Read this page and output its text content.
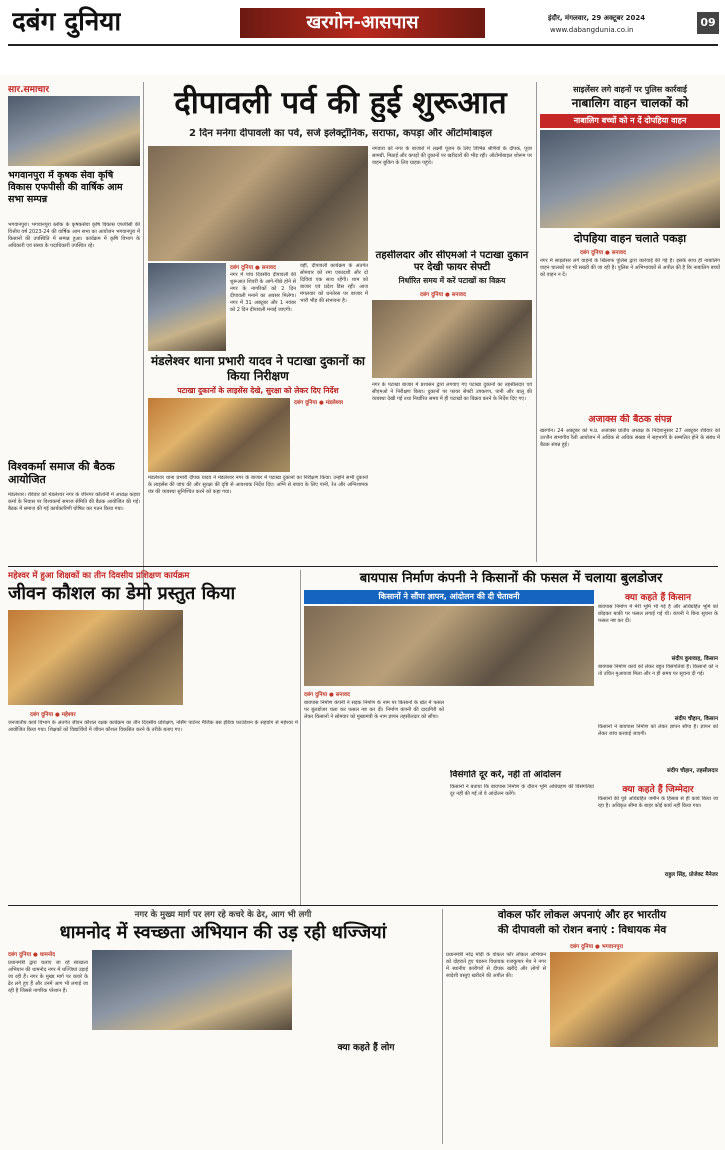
दबंग दुनिया	खरगोन-आसपास	इंदौर, मंगलवार, 29 अक्टूबर 2024
www.dabangdunia.co.in
09
सार.समाचार
भगवानपुरा में कृषक सेवा कृषि विकास एफपीसी की वार्षिक आम सभा सम्पन्न
भगवानपुरा। भगवानपुरा ब्लॉक के कृषकसेवा कृषि विकास एफपीसी की वित्तीय वर्ष 2023-24 की वार्षिक आम सभा का आयोजन भगवानपुरा में किसानों की उपस्थिति में सम्पन्न हुआ। कार्यक्रम में कृषि विभाग के अधिकारी एवं संस्था के पदाधिकारी उपस्थित रहे।
विश्वकर्मा समाज की बैठक आयोजित
मंडलेश्वर। रविवार को मंडलेश्वर नगर के जीनगर कॉलोनी में अध्यक्ष कड़वा कर्मा के निवास पर विश्वकर्मा समाज सेमिति की बैठक आयोजित की गई। बैठक में समाज की गई कार्यकारिणी घोषित कर गठन किया गया।
दीपावली पर्व की हुई शुरूआत
2 दिन मनेगा दीपावली का पर्व, सजे इलेक्ट्रॉनिक, सराफा, कपड़ा और ऑटोमोबाइल
दबंग दुनिया ● सनावद
नगर में पांच दिवसीय दीपावली की शुरूआत शिवरीं के आगे-पीछे होने से नगर के नागरिकों को 2 दिन दीपावली मनाने का अवसर मिलेगा। नगर में 31 अक्टूबर और 1 नवंबर को 2 दिन दीपावली मनाई जाएगी।
वहीं, दीपावली कार्यक्रम के अंतर्गत सोमवार को रमा एकादशी और दो दिवियां एक साथ रहेंगी। शाम को बाजार एवं प्रदेश डिस रही। आज मंगलवार को धनतेरस पर बाजार में भारी भीड़ की संभावना है।
नगवारा को नगर के बाजारों में लक्ष्मी पूजन के लिए विभिन्न श्रेणियों के दीपक, पूजा सामग्री, मिठाई और कपड़ों की दुकानों पर खरीदारों की भीड़ रही। ऑटोमोबाइल शोरूम पर वाहन बुकिंग के लिए ग्राहक पहुंचे।
मंडलेश्वर थाना प्रभारी यादव ने पटाखा दुकानों का किया निरीक्षण
पटाखा दुकानों के लाइसेंस देखे, सुरक्षा को लेकर दिए निर्देश
दबंग दुनिया ● मंडलेश्वर
मंडलेश्वर थाना प्रभारी दीपक यादव ने मंडलेश्वर नगर के बाजार में पटाखा दुकानों का निरीक्षण किया। उन्होंने सभी दुकानों के लाइसेंस की जांच की और सुरक्षा की दृष्टि से आवश्यक निर्देश दिए। अग्नि से बचाव के लिए पानी, रेत और अग्निशामक यंत्र की व्यवस्था सुनिश्चित करने को कहा गया।
तहसीलदार और सीएमओ ने पटाखा दुकान पर देखी फायर सेफ्टी
निर्धारित समय में करें पटाखों का विक्रय
दबंग दुनिया ● सनावद
नगर के पटाखा बाजार में प्रशासन द्वारा लगवाए गए पटाखा दुकानों का तहसीलदार एवं सीएमओ ने निरीक्षण किया। दुकानों पर फायर सेफ्टी उपकरण, पानी और बालू की व्यवस्था देखी गई तथा निर्धारित समय में ही पटाखों का विक्रय करने के निर्देश दिए गए।
साइलेंसर लगे वाहनों पर पुलिस कार्रवाई
नाबालिग वाहन चालकों को
नाबालिग बच्चों को न दें दोपहिया वाहन
दोपहिया वाहन चलाते पकड़ा
दबंग दुनिया ● सनावद
नगर में साइलेंसर लगे वाहनों के खिलाफ पुलिस द्वारा कार्रवाई की गई है। इसके साथ ही नाबालिग वाहन चालकों पर भी सख्ती की जा रही है। पुलिस ने अभिभावकों से अपील की है कि नाबालिग बच्चों को वाहन न दें।
अजाक्स की बैठक संपन्न
खरगोन। 24 अक्टूबर को म.प्र. अजाक्स प्रांतीय अध्यक्ष के निर्देशानुसार 27 अक्टूबर रविवार को उज्जैन संभागीय रैली आयोजन में अधिक से अधिक संख्या में सहभागी के सम्मलित होने के संबंध में बैठक संपन्न हुई।
महेश्वर में हुआ शिक्षकों का तीन दिवसीय प्रशिक्षण कार्यक्रम
जीवन कौशल का डेमो प्रस्तुत किया
दबंग दुनिया ● महेश्वर
जनजातीय कार्य विभाग के अंतर्गत जीवन कौशल रक्षक कार्यक्रम का तीन दिवसीय प्रशिक्षण, नर्सिंग पार्टनर मैजिक बस इंडिया फाउंडेशन के सहयोग से महेश्वर में आयोजित किया गया। शिक्षकों को विद्यार्थियों में जीवन कौशल विकसित करने के तरीके बताए गए।
बायपास निर्माण कंपनी ने किसानों की फसल में चलाया बुलडोजर
किसानों ने सौंपा ज्ञापन, आंदोलन की दी चेतावनी
दबंग दुनिया ● सनावद
बायपास निर्माण कंपनी ने सड़क निर्माण के नाम पर किसानों के खेत में फसल पर बुलडोजर चला कर फसल नष्ट कर दी। निर्माण कंपनी की दादागिरी को लेकर किसानों ने सोमवार को मुख्यमंत्री के नाम ज्ञापन तहसीलदार को सौंपा।
विसंगति दूर करें, नहीं तो आंदोलन
किसानों ने बताया कि बायपास निर्माण के दौरान भूमि अधिग्रहण की विसंगतियां दूर नहीं की गईं तो वे आंदोलन करेंगे।
क्या कहते हैं किसान
बायपास निर्माण में मेरी भूमि भी गई है और अधिग्रहित भूमि को छोड़कर बाकी पर फसल लगाई गई थी। कंपनी ने बिना सूचना के फसल नष्ट कर दी।
संदीप कुशवाह, किसान
बायपास निर्माण कार्य को लेकर बहुत विसंगतियां हैं। किसानों को न तो उचित मुआवजा मिला और न ही समय पर सूचना दी गई।
संदीप चौहान, किसान
किसानों ने बायपास निर्माण को लेकर ज्ञापन सौंपा है। ज्ञापन को लेकर जांच करवाई जाएगी।
संदीप चौहान, तहसीलदार
क्या कहते हैं जिम्मेदार
किसानों की पूर्व अधिग्रहित जमीन के हिसाब से ही कार्य किया जा रहा है। अधिकृत सीमा के बाहर कोई कार्य नहीं किया गया।
राहुल सिंह, प्रोजेक्ट मैनेजर
नगर के मुख्य मार्ग पर लग रहे कचरे के ढेर, आग भी लगी
धामनोद में स्वच्छता अभियान की उड़ रही धज्जियां
दबंग दुनिया ● धामनोद
प्रधानमंत्री द्वारा चलाए जा रहे स्वच्छता अभियान की धामनोद नगर में धज्जियां उड़ाई जा रही हैं। नगर के मुख्य मार्ग पर कचरे के ढेर लगे हुए हैं और उनमें आग भी लगाई जा रही है जिससे नागरिक परेशान हैं।
क्या कहते हैं लोग
वोकल फॉर लोकल अपनाएं और हर भारतीय
की दीपावली को रोशन बनाएं : विधायक मेव
दबंग दुनिया ● भगवानपुरा
प्रधानमंत्री नरेंद्र मोदी के वोकल फॉर लोकल अभियान को दोहराते हुए पंडरूर विधायक राजकुमार मेव ने नगर में स्थानीय कारीगरों से दीपक खरीदे और लोगों से स्वदेशी वस्तुएं खरीदने की अपील की।
